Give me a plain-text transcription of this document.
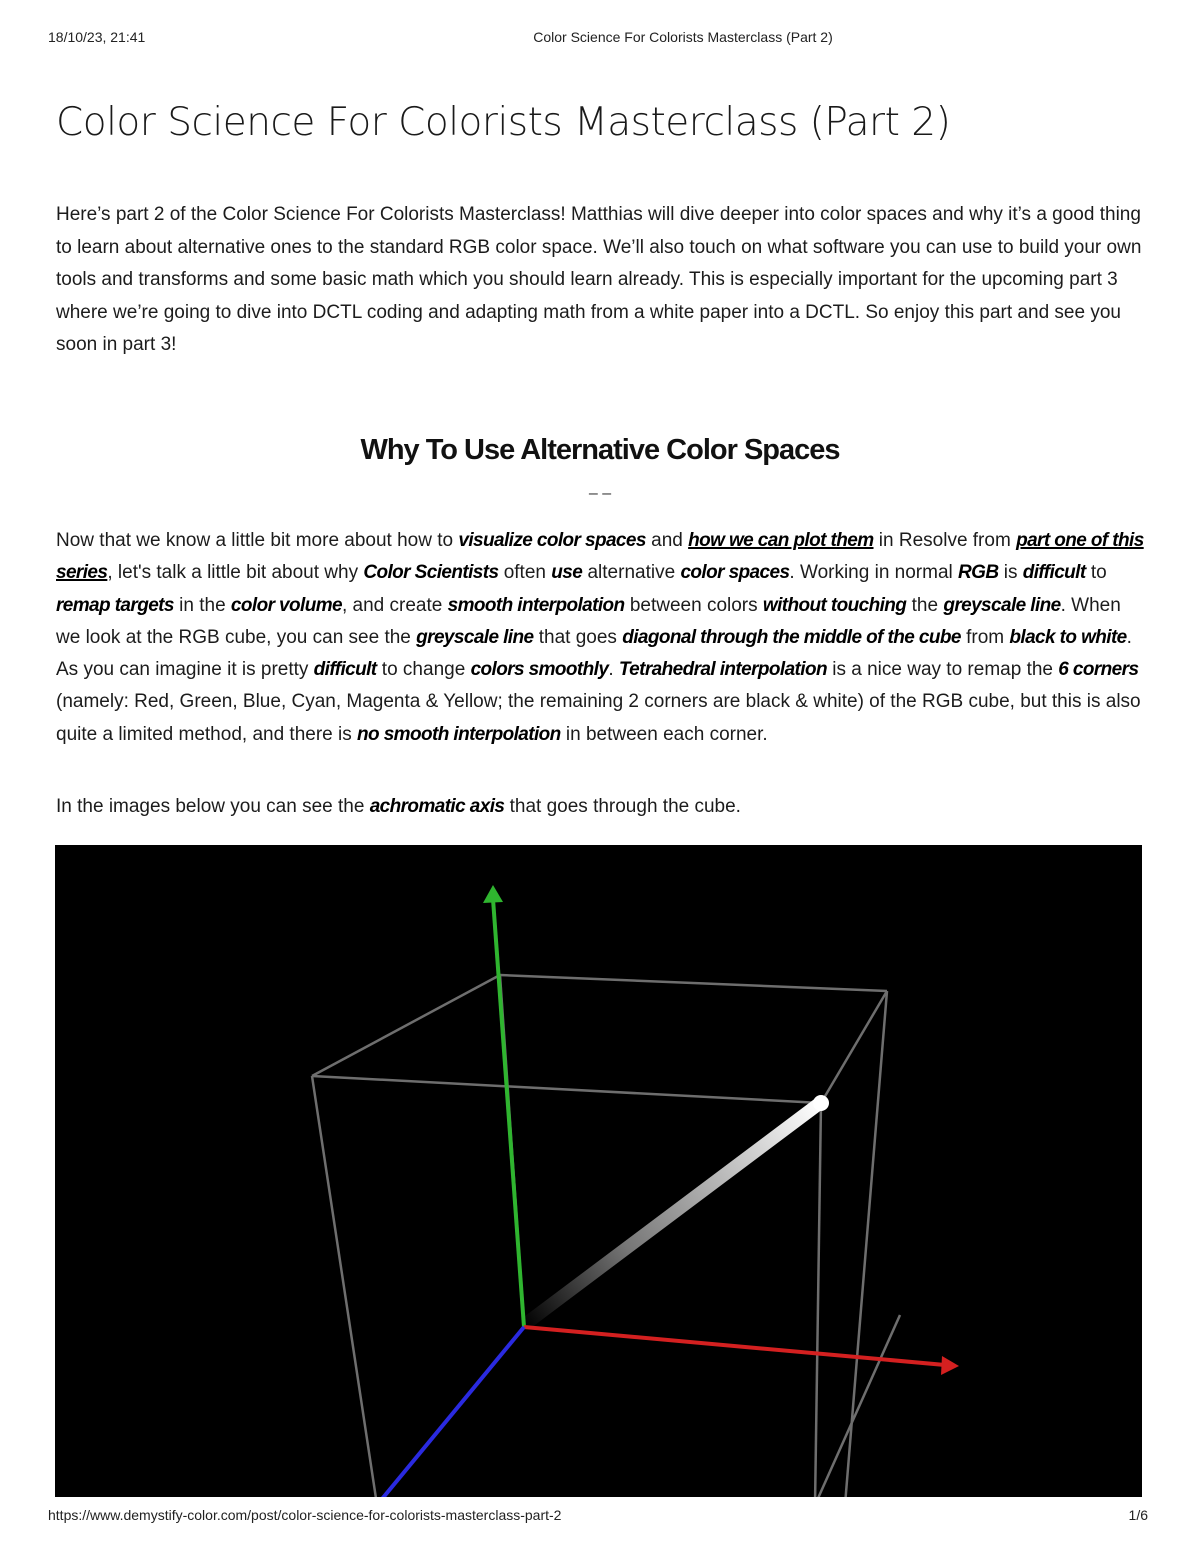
18/10/23, 21:41	Color Science For Colorists Masterclass (Part 2)
Color Science For Colorists Masterclass (Part 2)

Here’s part 2 of the Color Science For Colorists Masterclass! Matthias will dive deeper into color spaces and why it’s a good thing to learn about alternative ones to the standard RGB color space. We’ll also touch on what software you can use to build your own tools and transforms and some basic math which you should learn already. This is especially important for the upcoming part 3 where we’re going to dive into DCTL coding and adapting math from a white paper into a DCTL. So enjoy this part and see you soon in part 3!

Why To Use Alternative Color Spaces
– –

Now that we know a little bit more about how to visualize color spaces and how we can plot them in Resolve from part one of this series, let's talk a little bit about why Color Scientists often use alternative color spaces. Working in normal RGB is difficult to remap targets in the color volume, and create smooth interpolation between colors without touching the greyscale line. When we look at the RGB cube, you can see the greyscale line that goes diagonal through the middle of the cube from black to white. As you can imagine it is pretty difficult to change colors smoothly. Tetrahedral interpolation is a nice way to remap the 6 corners (namely: Red, Green, Blue, Cyan, Magenta & Yellow; the remaining 2 corners are black & white) of the RGB cube, but this is also quite a limited method, and there is no smooth interpolation in between each corner.

In the images below you can see the achromatic axis that goes through the cube.

https://www.demystify-color.com/post/color-science-for-colorists-masterclass-part-2	1/6
